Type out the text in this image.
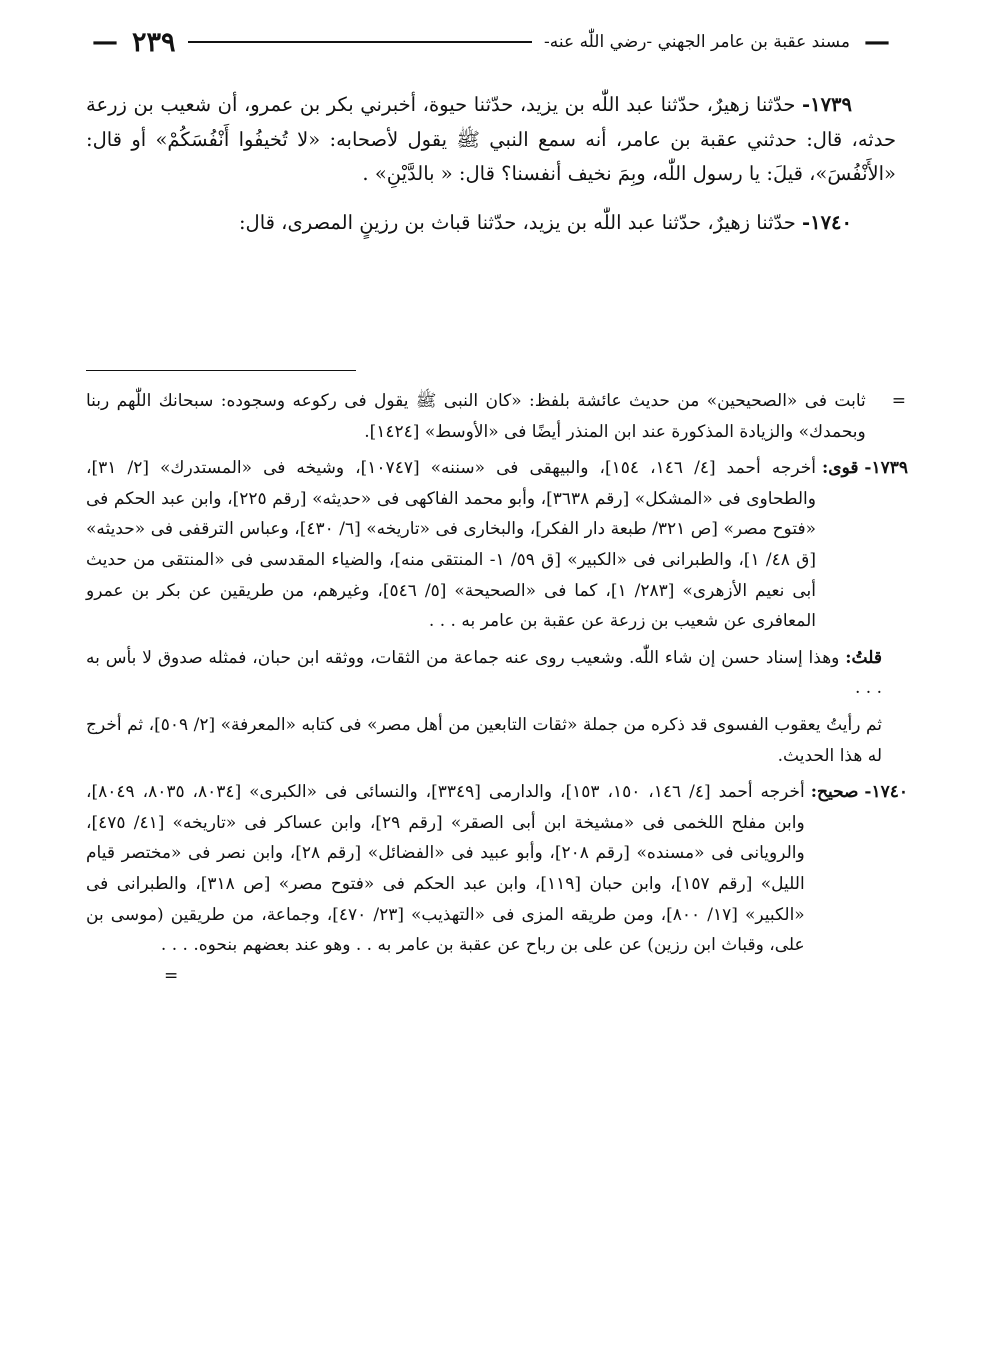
—
مسند عقبة بن عامر الجهني -رضي اللّٰه عنه-
٢٣٩
—

١٧٣٩- حدّثنا زهيرٌ، حدّثنا عبد اللّٰه بن يزيد، حدّثنا حيوة، أخبرني بكر بن عمرو، أن شعيب بن زرعة حدثه، قال: حدثني عقبة بن عامر، أنه سمع النبي ﷺ يقول لأصحابه: «لا تُخيفُوا أَنْفُسَكُمْ» أو قال: «الأَنْفُسَ»، قيلَ: يا رسول اللّٰه، وبِمَ نخيف أنفسنا؟ قال: « بالدَّيْنِ» .

١٧٤٠- حدّثنا زهيرٌ، حدّثنا عبد اللّٰه بن يزيد، حدّثنا قباث بن رزينٍ المصرى، قال:

=
ثابت فى «الصحيحين» من حديث عائشة بلفظ: «كان النبى ﷺ يقول فى ركوعه وسجوده: سبحانك اللّٰهم ربنا وبحمدك» والزيادة المذكورة عند ابن المنذر أيضًا فى «الأوسط» [١٤٢٤].
١٧٣٩- قوى:
أخرجه أحمد [٤/ ١٤٦، ١٥٤]، والبيهقى فى «سننه» [١٠٧٤٧]، وشيخه فى «المستدرك» [٢/ ٣١]، والطحاوى فى «المشكل» [رقم ٣٦٣٨]، وأبو محمد الفاكهى فى «حديثه» [رقم ٢٢٥]، وابن عبد الحكم فى «فتوح مصر» [ص ٣٢١/ طبعة دار الفكر]، والبخارى فى «تاريخه» [٦/ ٤٣٠]، وعباس الترقفى فى «حديثه» [ق ٤٨/ ١]، والطبرانى فى «الكبير» [ق ٥٩/ ١- المنتقى منه]، والضياء المقدسى فى «المنتقى من حديث أبى نعيم الأزهرى» [٢٨٣/ ١]، كما فى «الصحيحة» [٥/ ٥٤٦]، وغيرهم، من طريقين عن بكر بن عمرو المعافرى عن شعيب بن زرعة عن عقبة بن عامر به . . .
قلتُ: وهذا إسناد حسن إن شاء اللّٰه. وشعيب روى عنه جماعة من الثقات، ووثقه ابن حبان، فمثله صدوق لا بأس به . . .
ثم رأيتُ يعقوب الفسوى قد ذكره من جملة «ثقات التابعين من أهل مصر» فى كتابه «المعرفة» [٢/ ٥٠٩]، ثم أخرج له هذا الحديث.
١٧٤٠- صحيح:
أخرجه أحمد [٤/ ١٤٦، ١٥٠، ١٥٣]، والدارمى [٣٣٤٩]، والنسائى فى «الكبرى» [٨٠٣٤، ٨٠٣٥، ٨٠٤٩]، وابن مفلح اللخمى فى «مشيخة ابن أبى الصقر» [رقم ٢٩]، وابن عساكر فى «تاريخه» [٤١/ ٤٧٥]، والرويانى فى «مسنده» [رقم ٢٠٨]، وأبو عبيد فى «الفضائل» [رقم ٢٨]، وابن نصر فى «مختصر قيام الليل» [رقم ١٥٧]، وابن حبان [١١٩]، وابن عبد الحكم فى «فتوح مصر» [ص ٣١٨]، والطبرانى فى «الكبير» [١٧/ ٨٠٠]، ومن طريقه المزى فى «التهذيب» [٢٣/ ٤٧٠]، وجماعة، من طريقين (موسى بن على، وقباث ابن رزين) عن على بن رباح عن عقبة بن عامر به . . وهو عند بعضهم بنحوه. . . .
=
